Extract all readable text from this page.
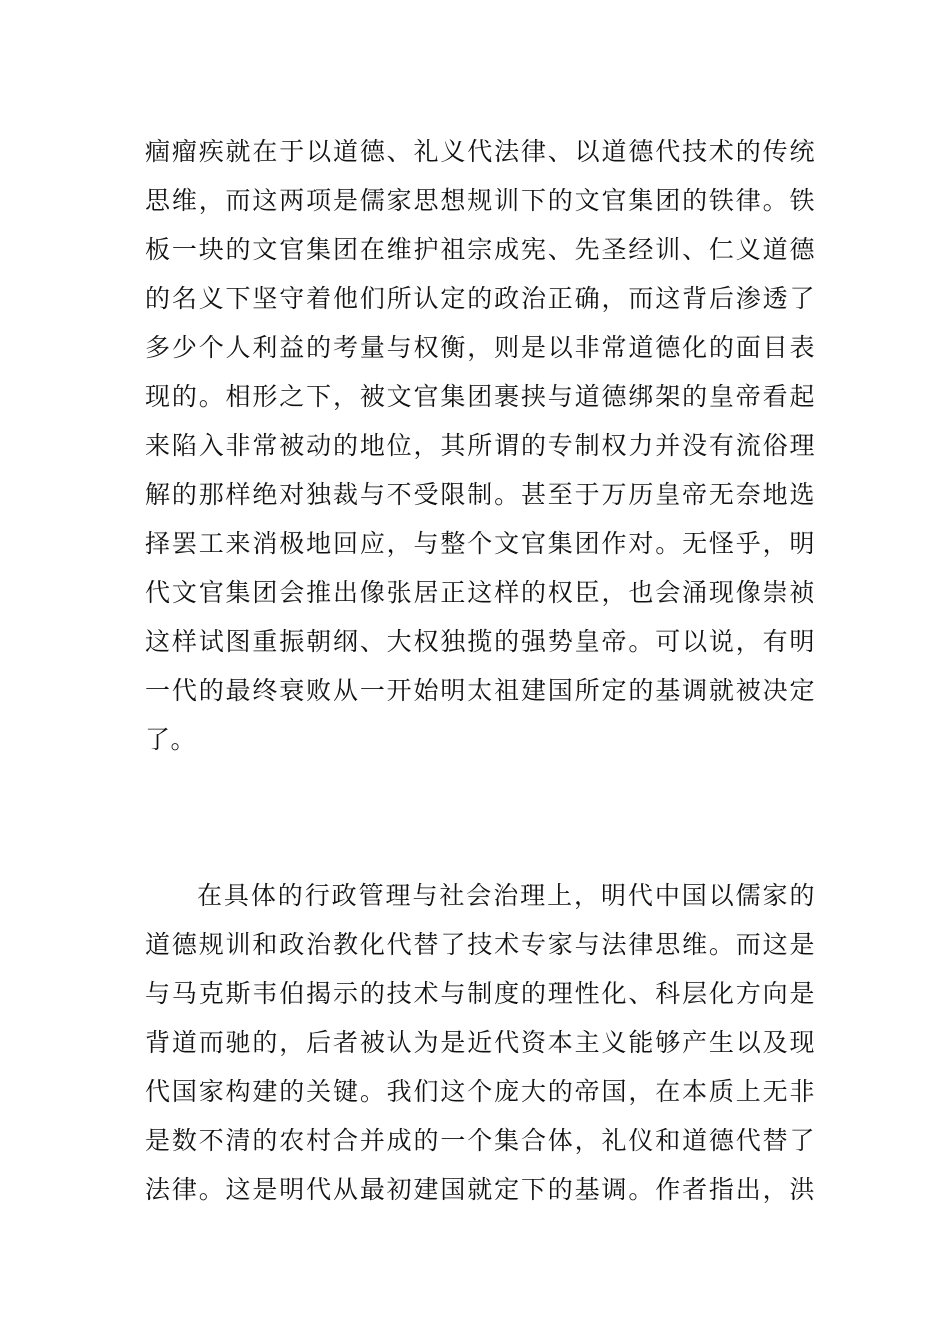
痼瘤疾就在于以道德、礼义代法律、以道德代技术的传统
思维，而这两项是儒家思想规训下的文官集团的铁律。铁
板一块的文官集团在维护祖宗成宪、先圣经训、仁义道德
的名义下坚守着他们所认定的政治正确，而这背后渗透了
多少个人利益的考量与权衡，则是以非常道德化的面目表
现的。相形之下，被文官集团裹挟与道德绑架的皇帝看起
来陷入非常被动的地位，其所谓的专制权力并没有流俗理
解的那样绝对独裁与不受限制。甚至于万历皇帝无奈地选
择罢工来消极地回应，与整个文官集团作对。无怪乎，明
代文官集团会推出像张居正这样的权臣，也会涌现像崇祯
这样试图重振朝纲、大权独揽的强势皇帝。可以说，有明
一代的最终衰败从一开始明太祖建国所定的基调就被决定
了。
在具体的行政管理与社会治理上，明代中国以儒家的
道德规训和政治教化代替了技术专家与法律思维。而这是
与马克斯韦伯揭示的技术与制度的理性化、科层化方向是
背道而驰的，后者被认为是近代资本主义能够产生以及现
代国家构建的关键。我们这个庞大的帝国，在本质上无非
是数不清的农村合并成的一个集合体，礼仪和道德代替了
法律。这是明代从最初建国就定下的基调。作者指出，洪
